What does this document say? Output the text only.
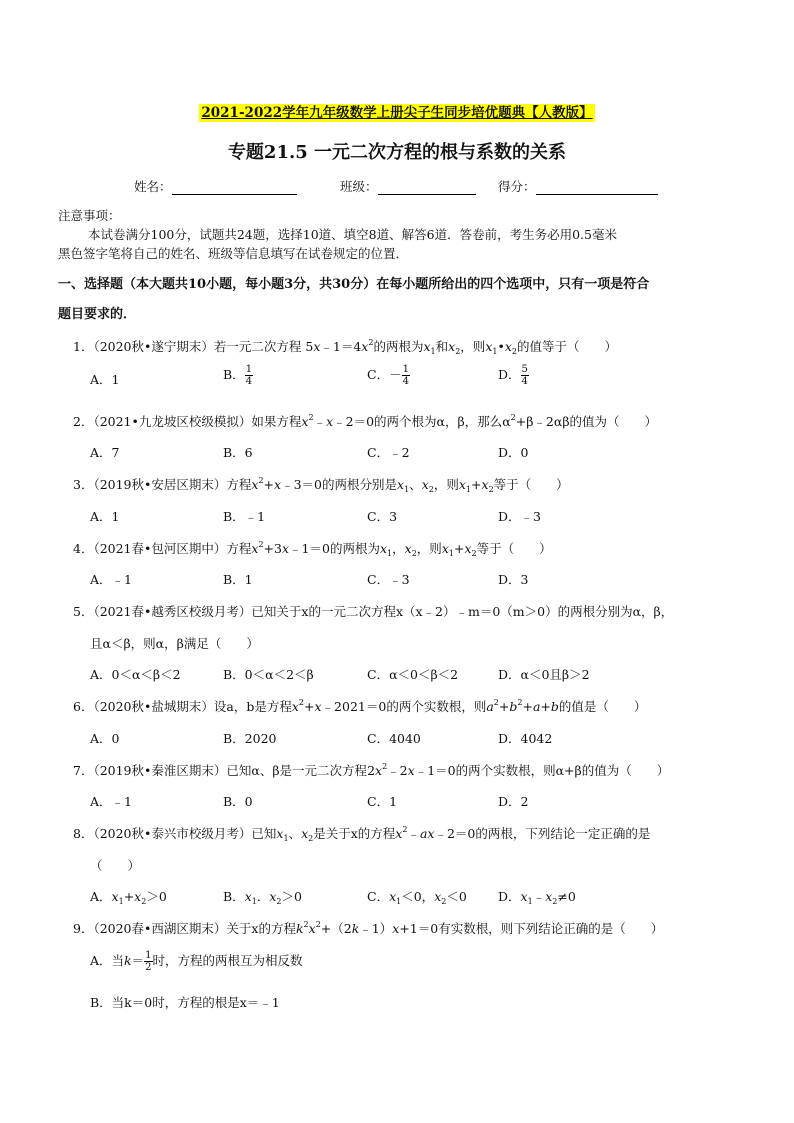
2021-2022学年九年级数学上册尖子生同步培优题典【人教版】
专题21.5 一元二次方程的根与系数的关系
姓名：	班级：	得分：

注意事项：

本试卷满分100分，试题共24题，选择10道、填空8道、解答6道．答卷前，考生务必用0.5毫米

黑色签字笔将自己的姓名、班级等信息填写在试卷规定的位置．

一、选择题（本大题共10小题，每小题3分，共30分）在每小题所给出的四个选项中，只有一项是符合
题目要求的．
1．（2020秋•遂宁期末）若一元二次方程 $5x﹣1=4x^2$的两根为$x_1$和$x_2$，则$x_1•x_2$的值等于（　　）
A．1	B． $\frac{1}{4}$	C．－ $\frac{1}{4}$	D． $\frac{5}{4}$
2．（2021•九龙坡区校级模拟）如果方程$x^2﹣x﹣2=0$的两个根为α，β，那么$\alpha^2+\beta﹣2\alpha\beta$的值为（　　）
A．7	B．6	C．﹣2	D．0
3．（2019秋•安居区期末）方程$x^2+x﹣3=0$的两根分别是$x_1$、$x_2$，则$x_1+x_2$等于（　　）
A．1	B．﹣1	C．3	D．﹣3
4．（2021春•包河区期中）方程$x^2+3x﹣1=0$的两根为$x_1$，$x_2$，则$x_1+x_2$等于（　　）
A．﹣1	B．1	C．﹣3	D．3
5．（2021春•越秀区校级月考）已知关于x的一元二次方程x（x﹣2）﹣m＝0（m＞0）的两根分别为α，β，
且α＜β，则α，β满足（　　）
A．0＜α＜β＜2	B．0＜α＜2＜β	C．α＜0＜β＜2	D．α＜0且β＞2
6．（2020秋•盐城期末）设a，b是方程$x^2+x﹣2021=0$的两个实数根，则$a^2+b^2+a+b$的值是（　　）
A．0	B．2020	C．4040	D．4042
7．（2019秋•秦淮区期末）已知α、β是一元二次方程$2x^2﹣2x﹣1=0$的两个实数根，则α+β的值为（　　）
A．﹣1	B．0	C．1	D．2
8．（2020秋•泰兴市校级月考）已知$x_1$、$x_2$是关于x的方程$x^2﹣ax﹣2=0$的两根，下列结论一定正确的是
（　　）
A．$x_1+x_2>0$	B．$x_1$．$x_2>0$	C．$x_1<0$，$x_2<0$ D．$x_1﹣x_2\ne 0$
9．（2020春•西湖区期末）关于x的方程$k^2x^2+(2k﹣1)x+1=0$有实数根，则下列结论正确的是（　　）
A．当$k= \frac{1}{2}$ 时，方程的两根互为相反数
B．当k＝0时，方程的根是x＝﹣1
